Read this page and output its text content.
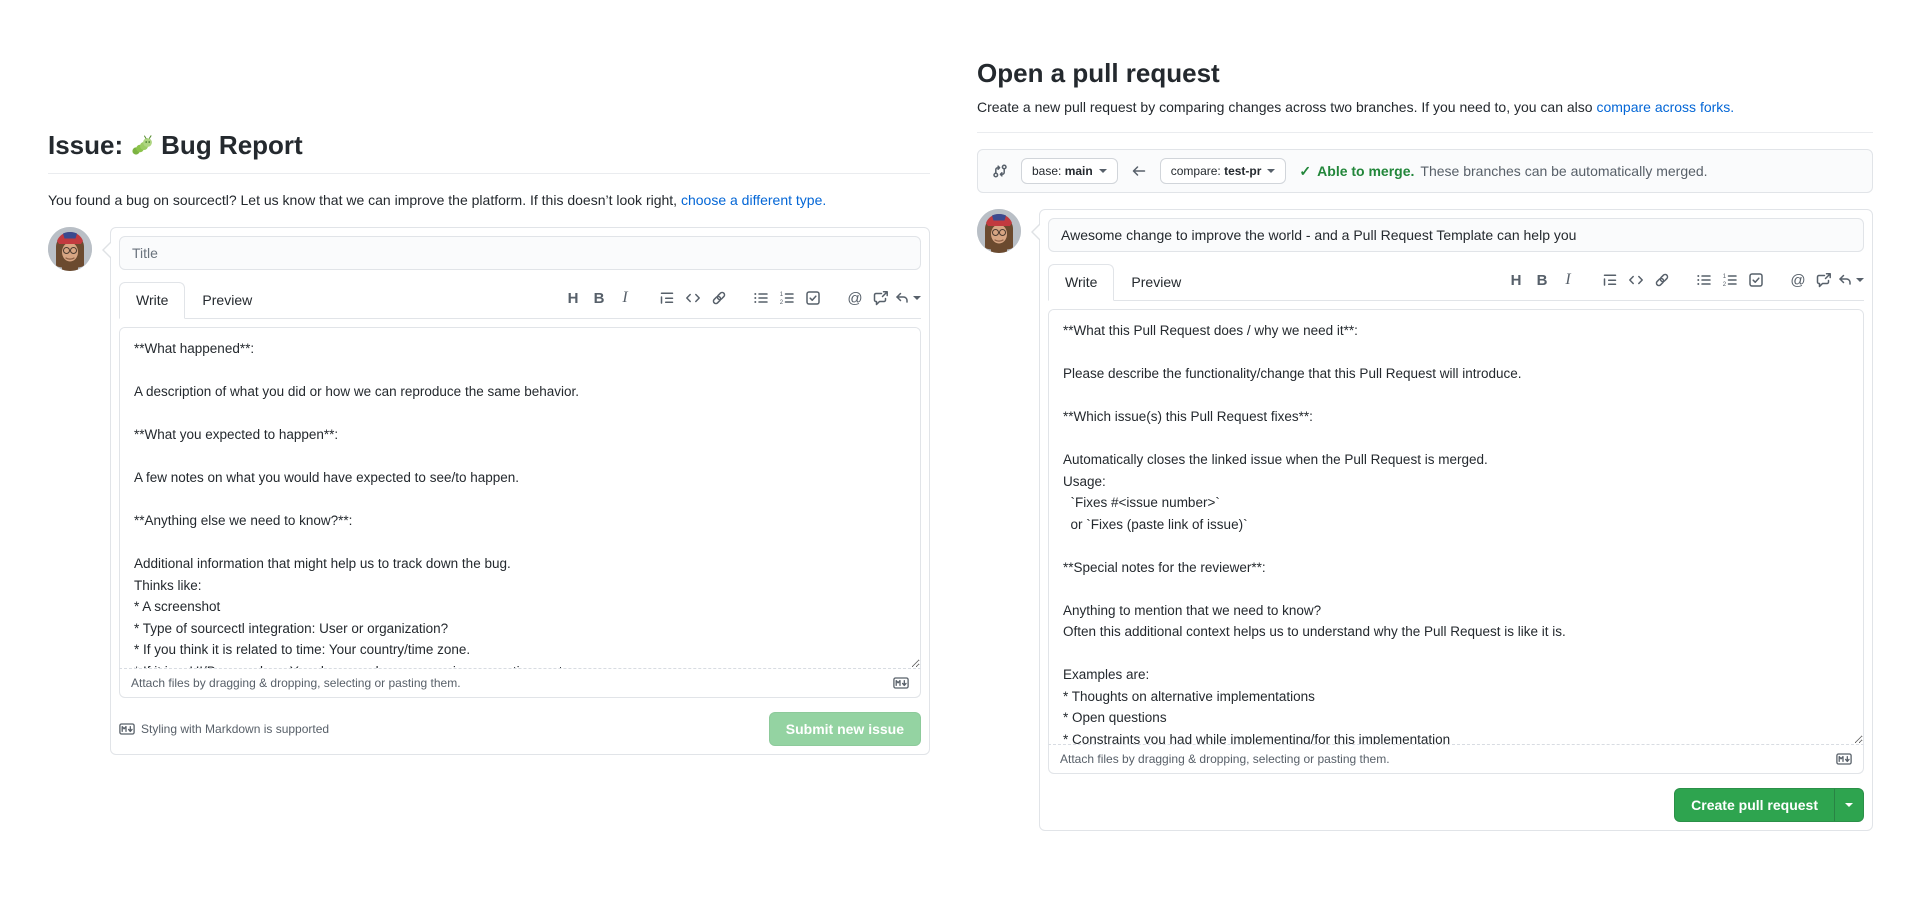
Issue: Bug Report

You found a bug on sourcectl? Let us know that we can improve the platform. If this doesn’t look right, choose a different type.

Title
Write	Preview	H	B	I	1
2	@
**What happened**: A description of what you did or how we can reproduce the same behavior. **What you expected to happen**: A few notes on what you would have expected to see/to happen. **Anything else we need to know?**: Additional information that might help us to track down the bug. Thinks like: * A screenshot * Type of sourcectl integration: User or organization? * If you think it is related to time: Your country/time zone. * If it is a UI/Browser bug: Your browser, browser version, operating system
Attach files by dragging & dropping, selecting or pasting them.
Styling with Markdown is supported	Submit new issue
Open a pull request

Create a new pull request by comparing changes across two branches. If you need to, you can also compare across forks.

base: main	compare: test-pr	✓ Able to merge. These branches can be automatically merged.
Awesome change to improve the world - and a Pull Request Template can help you
Write	Preview	H	B	I	1
2	@
**What this Pull Request does / why we need it**: Please describe the functionality/change that this Pull Request will introduce. **Which issue(s) this Pull Request fixes**: Automatically closes the linked issue when the Pull Request is merged. Usage: `Fixes #<issue number>` or `Fixes (paste link of issue)` **Special notes for the reviewer**: Anything to mention that we need to know? Often this additional context helps us to understand why the Pull Request is like it is. Examples are: * Thoughts on alternative implementations * Open questions * Constraints you had while implementing/for this implementation
Attach files by dragging & dropping, selecting or pasting them.
Create pull request
